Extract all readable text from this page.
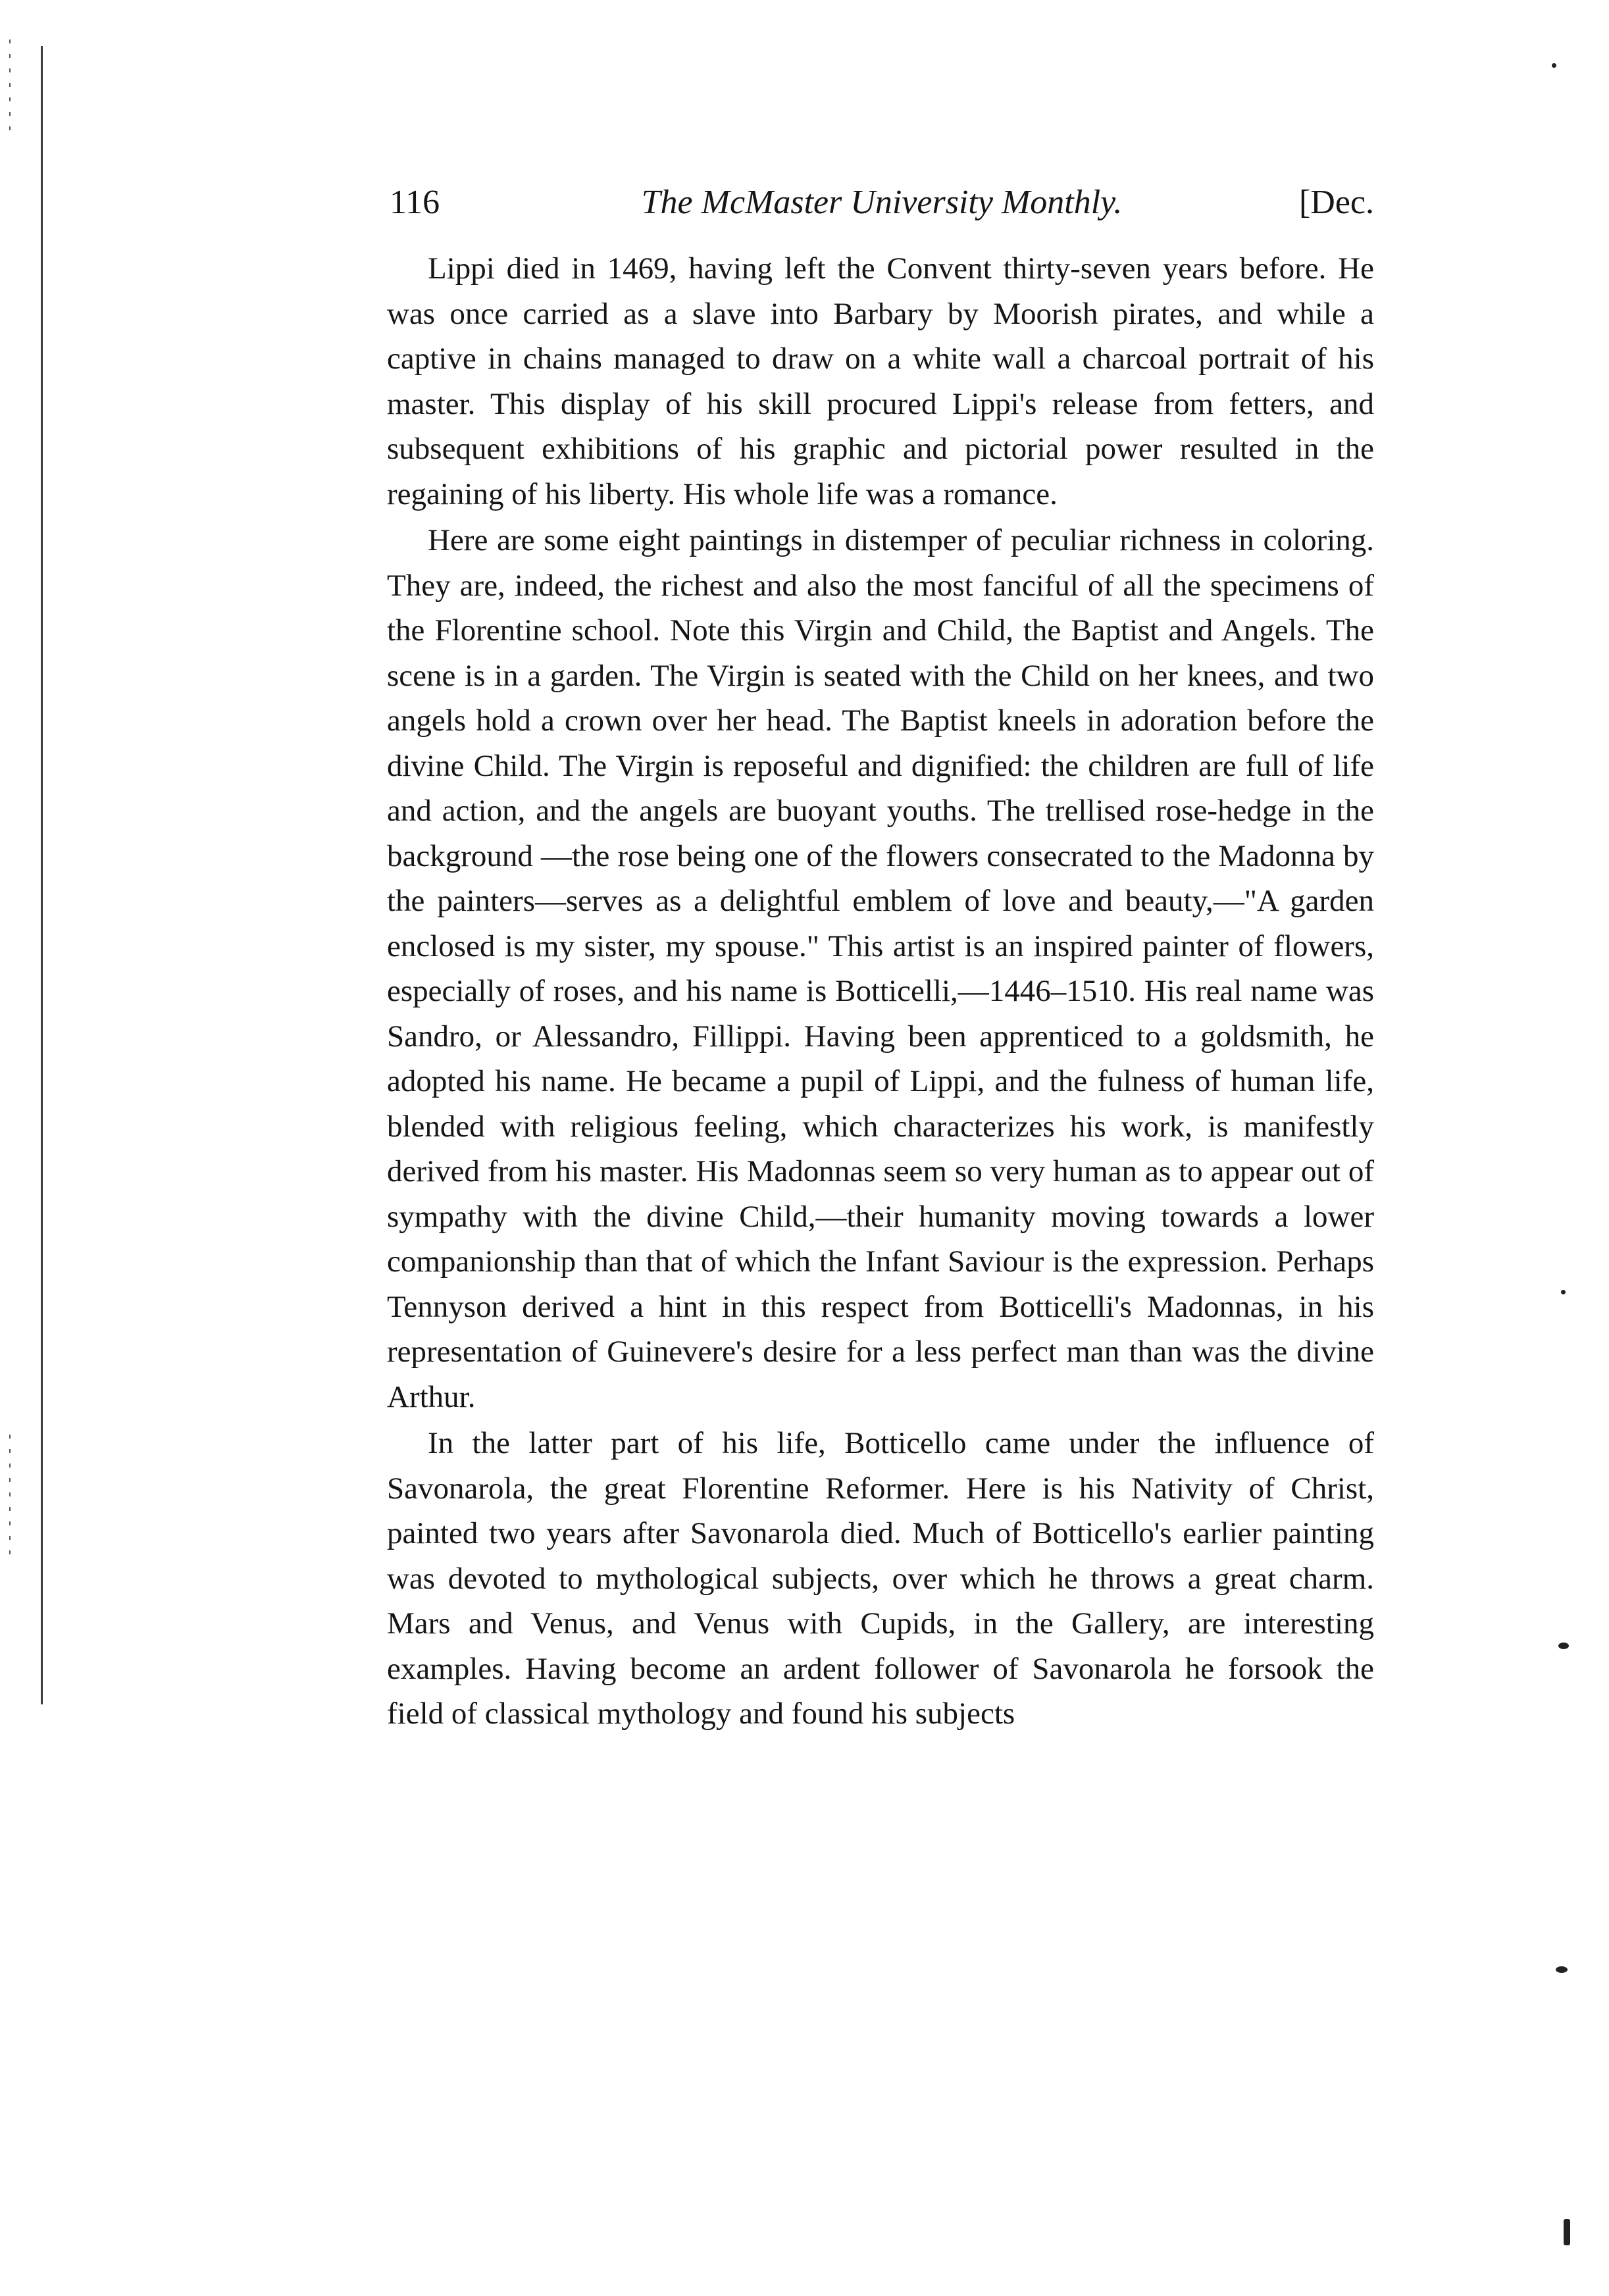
116	The McMaster University Monthly.	[Dec.

Lippi died in 1469, having left the Convent thirty-seven years before. He was once carried as a slave into Barbary by Moorish pirates, and while a captive in chains managed to draw on a white wall a charcoal portrait of his master. This display of his skill procured Lippi's release from fetters, and subsequent exhibitions of his graphic and pictorial power resulted in the regaining of his liberty. His whole life was a romance.

Here are some eight paintings in distemper of peculiar richness in coloring. They are, indeed, the richest and also the most fanciful of all the specimens of the Florentine school. Note this Virgin and Child, the Baptist and Angels. The scene is in a garden. The Virgin is seated with the Child on her knees, and two angels hold a crown over her head. The Baptist kneels in adoration before the divine Child. The Virgin is reposeful and dignified: the children are full of life and action, and the angels are buoyant youths. The trellised rose-hedge in the background —the rose being one of the flowers consecrated to the Madonna by the painters—serves as a delightful emblem of love and beauty,—"A garden enclosed is my sister, my spouse." This artist is an inspired painter of flowers, especially of roses, and his name is Botticelli,—1446–1510. His real name was Sandro, or Alessandro, Fillippi. Having been apprenticed to a goldsmith, he adopted his name. He became a pupil of Lippi, and the fulness of human life, blended with religious feeling, which characterizes his work, is manifestly derived from his master. His Madonnas seem so very human as to appear out of sympathy with the divine Child,—their humanity moving towards a lower companionship than that of which the Infant Saviour is the expression. Perhaps Tennyson derived a hint in this respect from Botticelli's Madonnas, in his representation of Guinevere's desire for a less perfect man than was the divine Arthur.

In the latter part of his life, Botticello came under the influence of Savonarola, the great Florentine Reformer. Here is his Nativity of Christ, painted two years after Savonarola died. Much of Botticello's earlier painting was devoted to mythological subjects, over which he throws a great charm. Mars and Venus, and Venus with Cupids, in the Gallery, are interesting examples. Having become an ardent follower of Savonarola he forsook the field of classical mythology and found his subjects
